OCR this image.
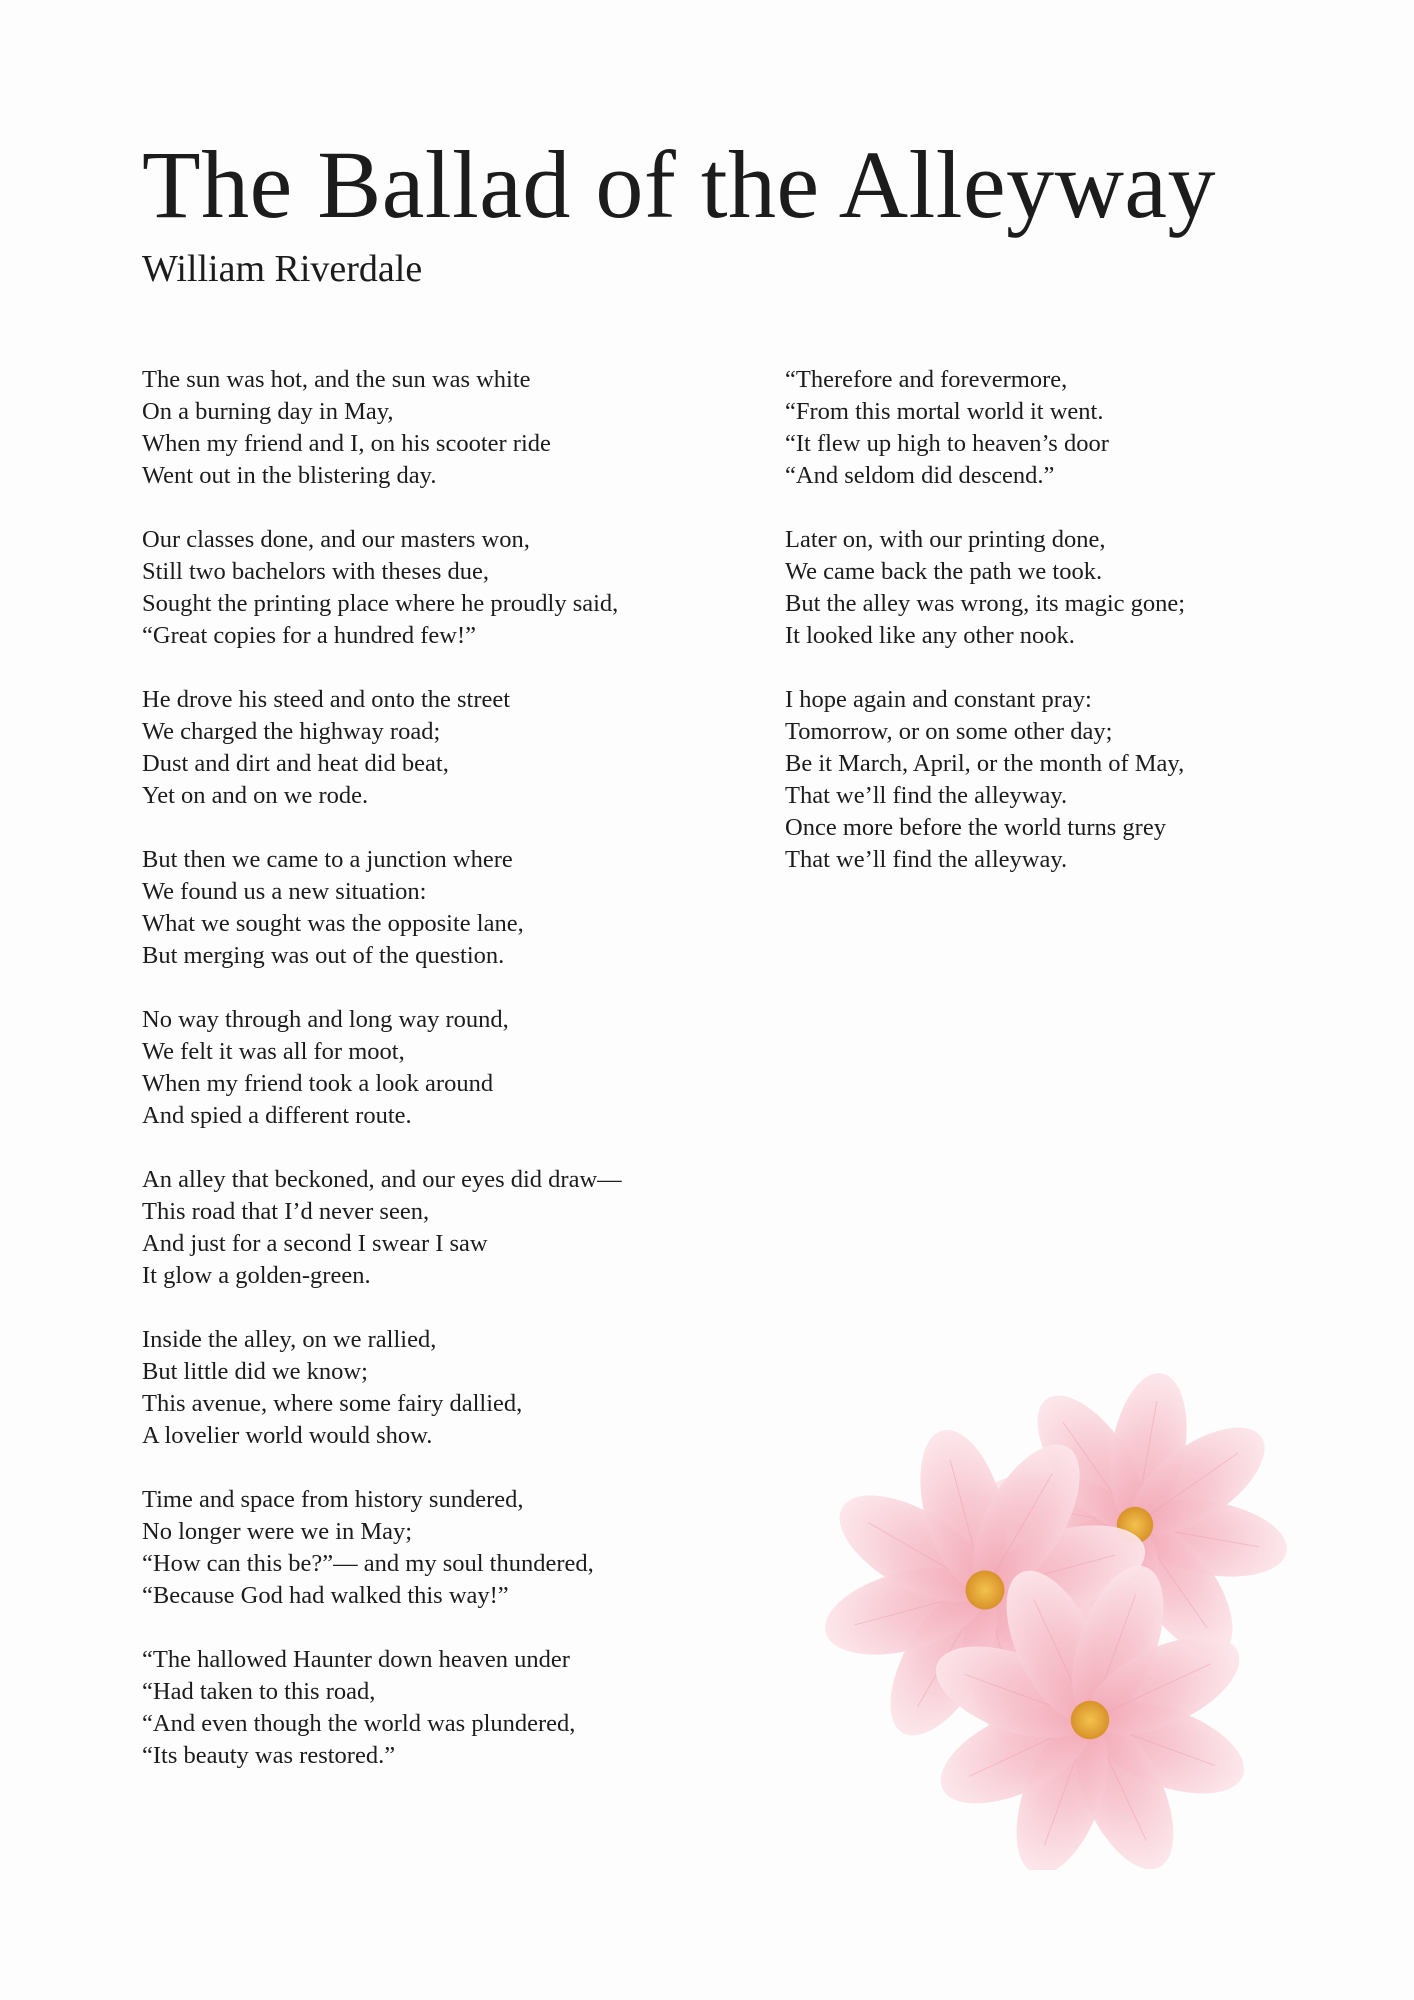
The Ballad of the Alleyway
William Riverdale

The sun was hot, and the sun was white
On a burning day in May,
When my friend and I, on his scooter ride
Went out in the blistering day.

Our classes done, and our masters won,
Still two bachelors with theses due,
Sought the printing place where he proudly said,
“Great copies for a hundred few!”

He drove his steed and onto the street
We charged the highway road;
Dust and dirt and heat did beat,
Yet on and on we rode.

But then we came to a junction where
We found us a new situation:
What we sought was the opposite lane,
But merging was out of the question.

No way through and long way round,
We felt it was all for moot,
When my friend took a look around
And spied a different route.

An alley that beckoned, and our eyes did draw—
This road that I’d never seen,
And just for a second I swear I saw
It glow a golden-green.

Inside the alley, on we rallied,
But little did we know;
This avenue, where some fairy dallied,
A lovelier world would show.

Time and space from history sundered,
No longer were we in May;
“How can this be?”— and my soul thundered,
“Because God had walked this way!”

“The hallowed Haunter down heaven under
“Had taken to this road,
“And even though the world was plundered,
“Its beauty was restored.”

“Therefore and forevermore,
“From this mortal world it went.
“It flew up high to heaven’s door
“And seldom did descend.”

Later on, with our printing done,
We came back the path we took.
But the alley was wrong, its magic gone;
It looked like any other nook.

I hope again and constant pray:
Tomorrow, or on some other day;
Be it March, April, or the month of May,
That we’ll find the alleyway.
Once more before the world turns grey
That we’ll find the alleyway.
